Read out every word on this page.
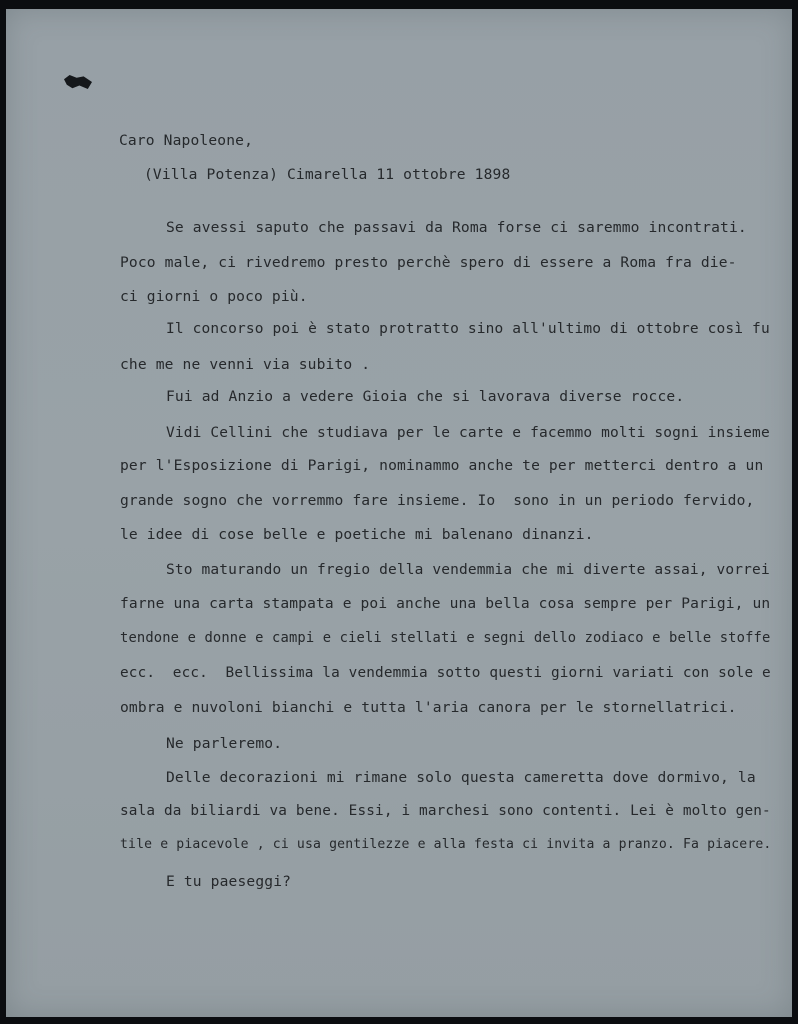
Caro Napoleone,

(Villa Potenza) Cimarella 11 ottobre 1898

Se avessi saputo che passavi da Roma forse ci saremmo incontrati.

Poco male, ci rivedremo presto perchè spero di essere a Roma fra die-

ci giorni o poco più.

Il concorso poi è stato protratto sino all'ultimo di ottobre così fu

che me ne venni via subito .

Fui ad Anzio a vedere Gioia che si lavorava diverse rocce.

Vidi Cellini che studiava per le carte e facemmo molti sogni insieme

per l'Esposizione di Parigi, nominammo anche te per metterci dentro a un

grande sogno che vorremmo fare insieme. Io  sono in un periodo fervido,

le idee di cose belle e poetiche mi balenano dinanzi.

Sto maturando un fregio della vendemmia che mi diverte assai, vorrei

farne una carta stampata e poi anche una bella cosa sempre per Parigi, un

tendone e donne e campi e cieli stellati e segni dello zodiaco e belle stoffe

ecc.  ecc.  Bellissima la vendemmia sotto questi giorni variati con sole e

ombra e nuvoloni bianchi e tutta l'aria canora per le stornellatrici.

Ne parleremo.

Delle decorazioni mi rimane solo questa cameretta dove dormivo, la

sala da biliardi va bene. Essi, i marchesi sono contenti. Lei è molto gen-

tile e piacevole , ci usa gentilezze e alla festa ci invita a pranzo. Fa piacere.

E tu paeseggi?
